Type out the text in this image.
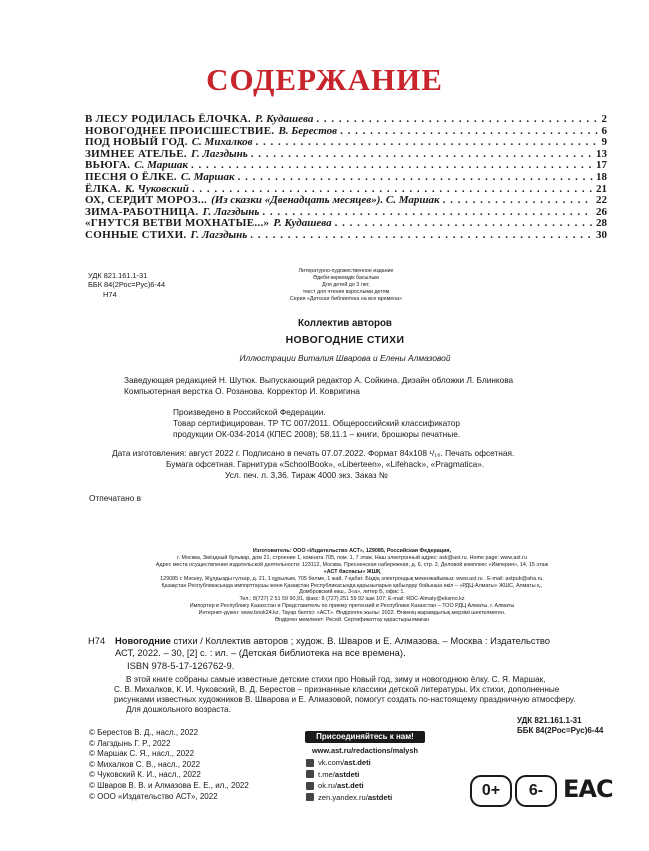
СОДЕРЖАНИЕ
В ЛЕСУ РОДИЛАСЬ ЁЛОЧКА. Р. Кудашева . . .	2
НОВОГОДНЕЕ ПРОИСШЕСТВИЕ. В. Берестов . . .	6
ПОД НОВЫЙ ГОД. С. Михалков . . .	9
ЗИМНЕЕ АТЕЛЬЕ. Г. Лагздынь . . .	13
ВЬЮГА. С. Маршак . . .	17
ПЕСНЯ О ЁЛКЕ. С. Маршак . . .	18
ЁЛКА. К. Чуковский . . .	21
ОХ, СЕРДИТ МОРОЗ... (Из сказки «Двенадцать месяцев»). С. Маршак . . .	22
ЗИМА-РАБОТНИЦА. Г. Лагздынь . . .	26
«ГНУТСЯ ВЕТВИ МОХНАТЫЕ...» Р. Кудашева . . .	28
СОННЫЕ СТИХИ. Г. Лагздынь . . .	30
УДК 821.161.1-31
ББК 84(2Рос=Рус)6-44
Н74
Литературно-художественное издание
Әдеби-көркемдік басылым
Для детей до 3 лет,
текст для чтения взрослыми детям
Серия «Детская библиотека на все времена»
Коллектив авторов
НОВОГОДНИЕ СТИХИ
Иллюстрации Виталия Шварова и Елены Алмазовой
Заведующая редакцией Н. Шутюк. Выпускающий редактор А. Сойкина. Дизайн обложки Л. Блинкова
Компьютерная верстка О. Розанова. Корректор И. Ковригина
Произведено в Российской Федерации.
Товар сертифицирован. ТР ТС 007/2011. Общероссийский классификатор
продукции ОК-034-2014 (КПЕС 2008); 58.11.1 – книги, брошюры печатные.
Дата изготовления: август 2022 г. Подписано в печать 07.07.2022. Формат 84x108 ¹/₁₆. Печать офсетная.
Бумага офсетная. Гарнитура «SchoolBook», «Liberteen», «Lifehack», «Pragmatica».
Усл. печ. л. 3,36. Тираж 4000 экз. Заказ №
Отпечатано в
Изготовитель: ООО «Издательство АСТ», 129085, Российская Федерация,
г. Москва, Звёздный бульвар, дом 21, строение 1, комната 705, пом. 1, 7 этаж. Наш электронный адрес: ask@ast.ru. Home page: www.ast.ru
Адрес места осуществления издательской деятельности: 123112, Москва, Пресненская набережная, д. 6, стр. 2, Деловой комплекс «Империя», 14, 15 этаж
«АСТ баспасы» ЖШҚ
129085 г. Мәскеу, Жұлдызды гүлзар, д. 21, 1 құрылым, 705 бөлме, 1 жай, 7-қабат. Біздің электрондық мекенжайымыз: www.ast.ru . E-mail: astpub@aha.ru.
Қазақстан Республикасында импорттаушы және Қазақстан Республикасында қарызыларын қабылдау бойынша өкіл – «РДЦ-Алматы» ЖШС, Алматы қ.,
Домбровский көш., 3«а», литер Б, офис 1.
Тел.: 8(727) 2 51 59 90,91, факс: 8 (727) 251 59 92 ішкі 107; E-mail: RDC-Almaty@eksmo.kz
Импортер в Республику Казахстан и Представитель по приему претензий в Республике Казахстан – ТОО РДЦ Алматы, г. Алматы
Интернет-дүкен: www.book24.kz. Тауар белгісі: «АСТ». Өндірілген жылы: 2022. Өнімнің жарамдылық мерзімі шектелмеген.
Өндірген мемлекет: Ресей. Сертификаттау қарастырылмаған
Н74 Новогодние стихи / Коллектив авторов ; худож. В. Шваров и Е. Алмазова. – Москва : Издательство
АСТ, 2022. – 30, [2] с. : ил. – (Детская библиотека на все времена).
ISBN 978-5-17-126762-9.
В этой книге собраны самые известные детские стихи про Новый год, зиму и новогоднюю ёлку. С. Я. Маршак,
С. В. Михалков, К. И. Чуковский, В. Д. Берестов – признанные классики детской литературы. Их стихи, дополненные
рисунками известных художников В. Шварова и Е. Алмазовой, помогут создать по-настоящему праздничную атмосферу.
Для дошкольного возраста.
УДК 821.161.1-31
ББК 84(2Рос=Рус)6-44
© Берестов В. Д., насл., 2022
© Лагздынь Г. Р., 2022
© Маршак С. Я., насл., 2022
© Михалков С. В., насл., 2022
© Чуковский К. И., насл., 2022
© Шваров В. В. и Алмазова Е. Е., ил., 2022
© ООО «Издательство АСТ», 2022
Присоединяйтесь к нам!
www.ast.ru/redactions/malysh
vk.com/ ast.deti
t.me/ astdeti
ok.ru/ ast.deti
zen.yandex.ru/ astdeti	0+	6- ЕАС
